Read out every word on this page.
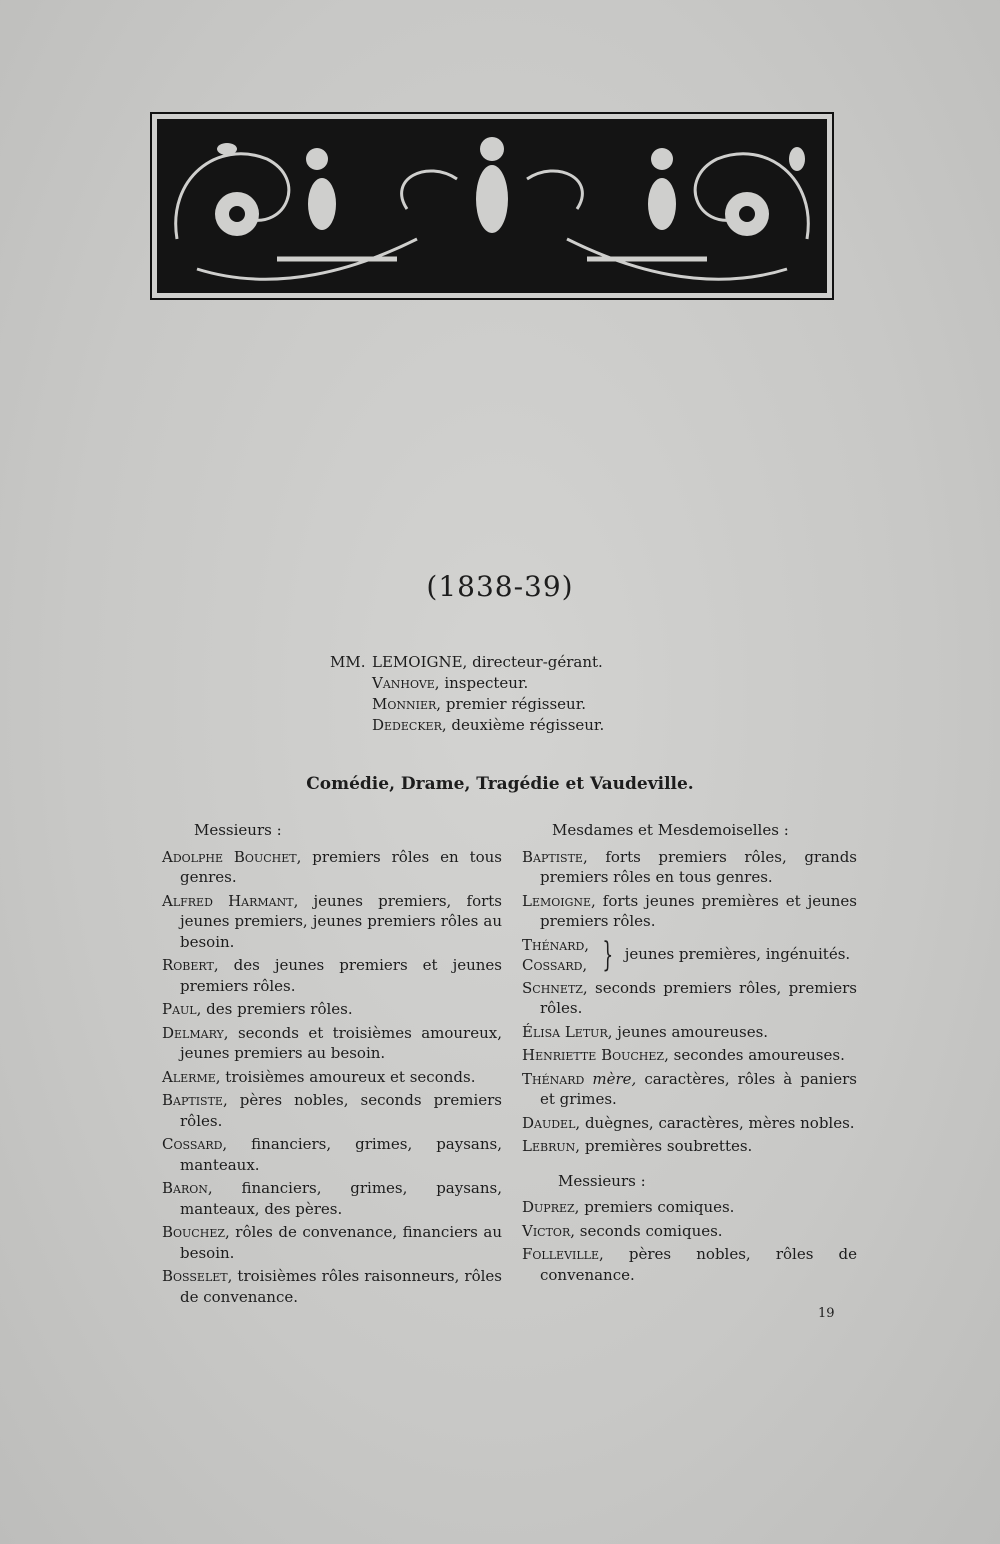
(1838-39)
MM. LEMOIGNE, directeur-gérant.
Vanhove, inspecteur.
Monnier, premier régisseur.
Dedecker, deuxième régisseur.
Comédie, Drame, Tragédie et Vaudeville.
Messieurs :
Adolphe Bouchet, premiers rôles en tous genres.
Alfred Harmant, jeunes premiers, forts jeunes premiers, jeunes premiers rôles au besoin.
Robert, des jeunes premiers et jeunes premiers rôles.
Paul, des premiers rôles.
Delmary, seconds et troisièmes amoureux, jeunes premiers au besoin.
Alerme, troisièmes amoureux et seconds.
Baptiste, pères nobles, seconds premiers rôles.
Cossard, financiers, grimes, paysans, manteaux.
Baron, financiers, grimes, paysans, manteaux, des pères.
Bouchez, rôles de convenance, financiers au besoin.
Bosselet, troisièmes rôles raisonneurs, rôles de convenance.
Mesdames et Mesdemoiselles :
Baptiste, forts premiers rôles, grands premiers rôles en tous genres.
Lemoigne, forts jeunes premières et jeunes premiers rôles.
Thénard,
Cossard, } jeunes premières, ingénuités.
Schnetz, seconds premiers rôles, premiers rôles.
Élisa Letur, jeunes amoureuses.
Henriette Bouchez, secondes amoureuses.
Thénard mère, caractères, rôles à paniers et grimes.
Daudel, duègnes, caractères, mères nobles.
Lebrun, premières soubrettes.
Messieurs :
Duprez, premiers comiques.
Victor, seconds comiques.
Folleville, pères nobles, rôles de convenance.
19
